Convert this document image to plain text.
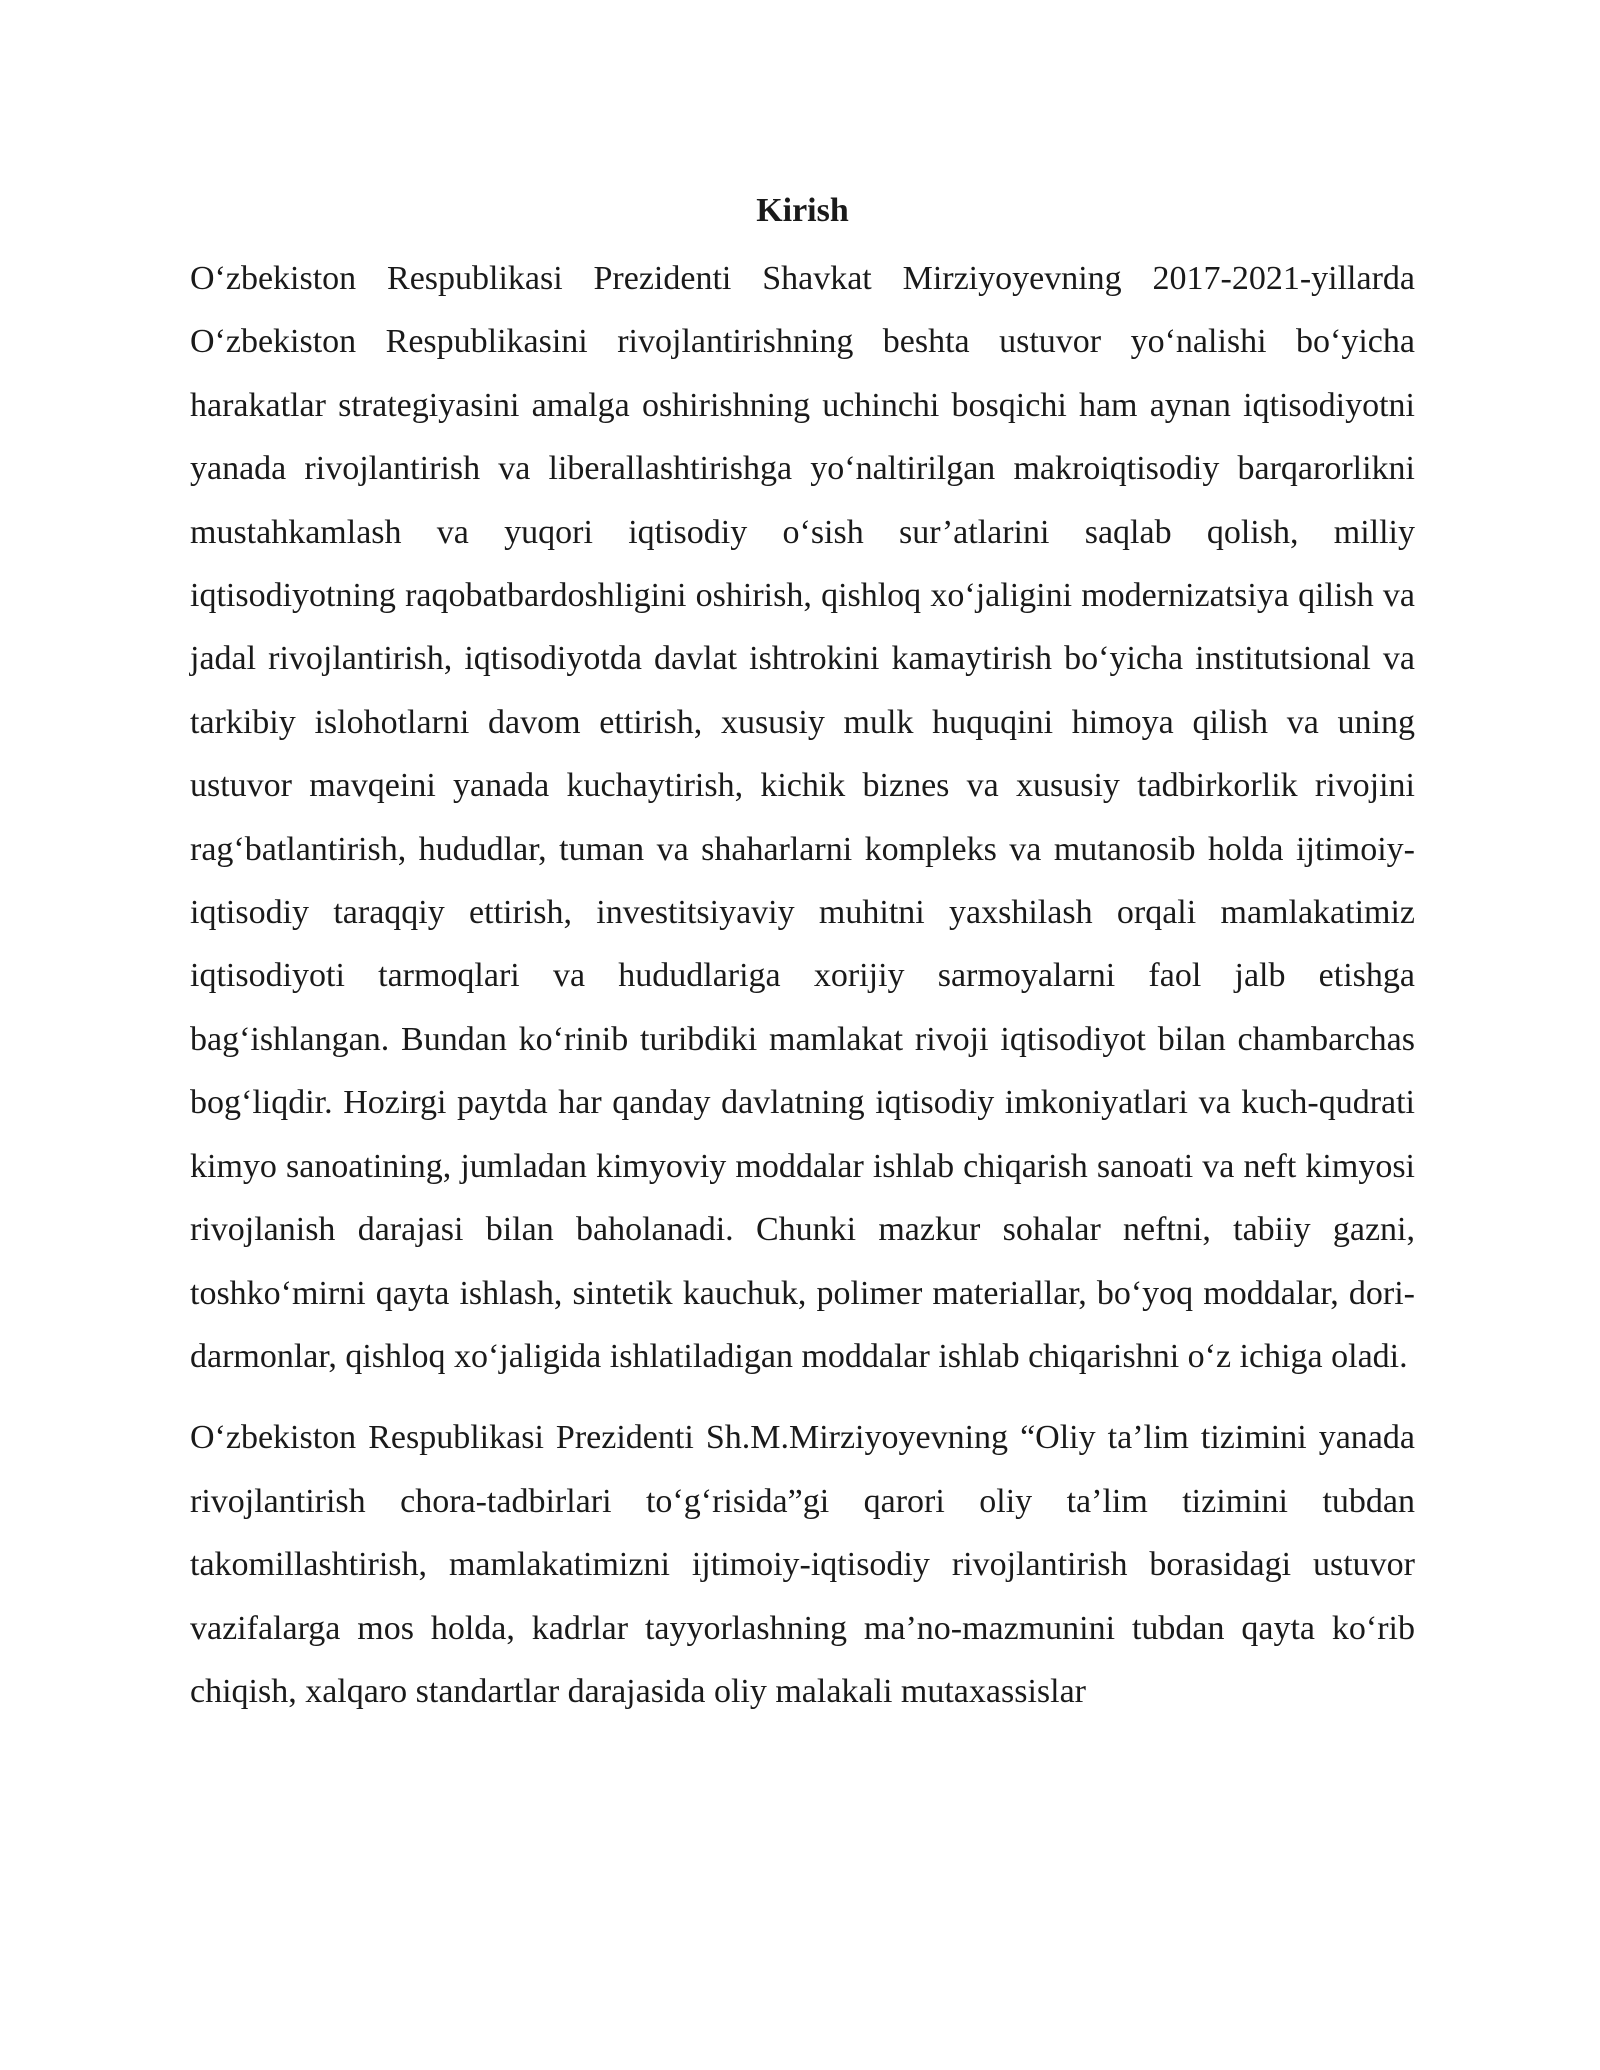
Kirish

O‘zbekiston Respublikasi Prezidenti Shavkat Mirziyoyevning 2017-2021-yillarda O‘zbekiston Respublikasini rivojlantirishning beshta ustuvor yo‘nalishi bo‘yicha harakatlar strategiyasini amalga oshirishning uchinchi bosqichi ham aynan iqtisodiyotni yanada rivojlantirish va liberallashtirishga yo‘naltirilgan makroiqtisodiy barqarorlikni mustahkamlash va yuqori iqtisodiy o‘sish sur’atlarini saqlab qolish, milliy iqtisodiyotning raqobatbardoshligini oshirish, qishloq xo‘jaligini modernizatsiya qilish va jadal rivojlantirish, iqtisodiyotda davlat ishtrokini kamaytirish bo‘yicha institutsional va tarkibiy islohotlarni davom ettirish, xususiy mulk huquqini himoya qilish va uning ustuvor mavqeini yanada kuchaytirish, kichik biznes va xususiy tadbirkorlik rivojini rag‘batlantirish, hududlar, tuman va shaharlarni kompleks va mutanosib holda ijtimoiy-iqtisodiy taraqqiy ettirish, investitsiyaviy muhitni yaxshilash orqali mamlakatimiz iqtisodiyoti tarmoqlari va hududlariga xorijiy sarmoyalarni faol jalb etishga bag‘ishlangan. Bundan ko‘rinib turibdiki mamlakat rivoji iqtisodiyot bilan chambarchas bog‘liqdir. Hozirgi paytda har qanday davlatning iqtisodiy imkoniyatlari va kuch-qudrati kimyo sanoatining, jumladan kimyoviy moddalar ishlab chiqarish sanoati va neft kimyosi rivojlanish darajasi bilan baholanadi. Chunki mazkur sohalar neftni, tabiiy gazni, toshko‘mirni qayta ishlash, sintetik kauchuk, polimer materiallar, bo‘yoq moddalar, dori-darmonlar, qishloq xo‘jaligida ishlatiladigan moddalar ishlab chiqarishni o‘z ichiga oladi.

O‘zbekiston Respublikasi Prezidenti Sh.M.Mirziyoyevning “Oliy ta’lim tizimini yanada rivojlantirish chora-tadbirlari to‘g‘risida”gi qarori oliy ta’lim tizimini tubdan takomillashtirish, mamlakatimizni ijtimoiy-iqtisodiy rivojlantirish borasidagi ustuvor vazifalarga mos holda, kadrlar tayyorlashning ma’no-mazmunini tubdan qayta ko‘rib chiqish, xalqaro standartlar darajasida oliy malakali mutaxassislar
